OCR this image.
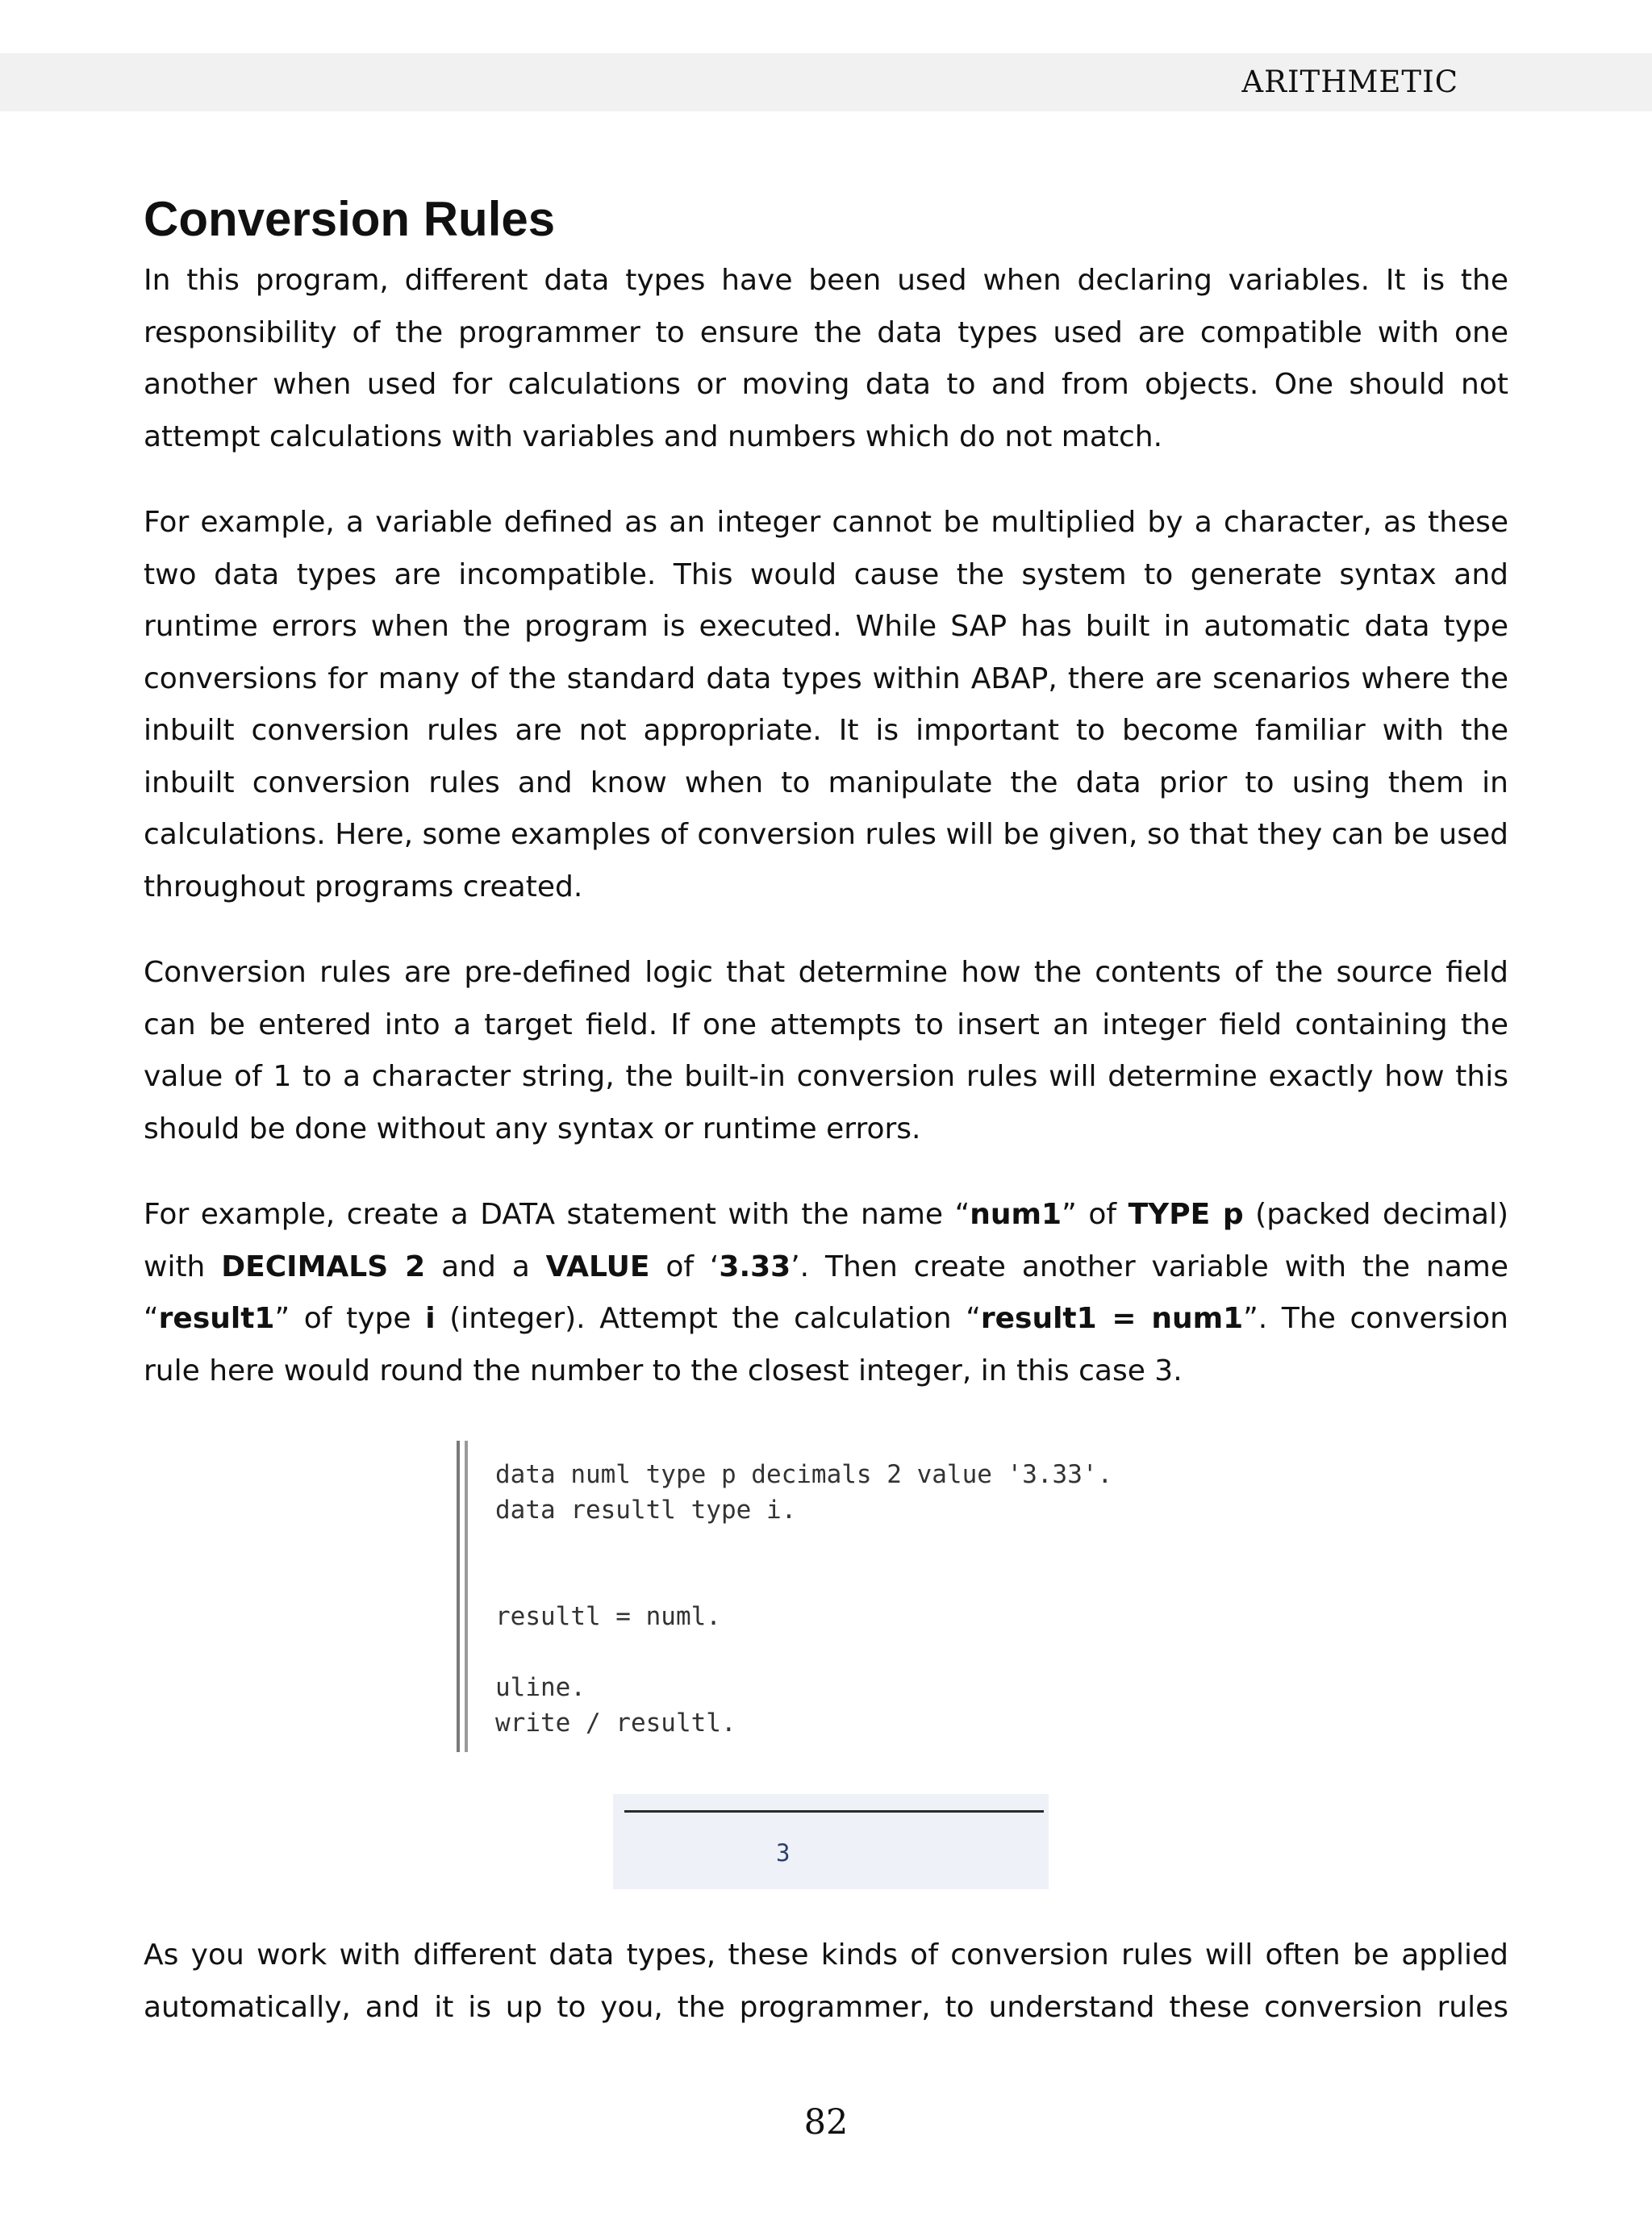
ARITHMETIC
Conversion Rules

In this program, different data types have been used when declaring variables. It is the responsibility of the programmer to ensure the data types used are compatible with one another when used for calculations or moving data to and from objects. One should not attempt calculations with variables and numbers which do not match.

For example, a variable defined as an integer cannot be multiplied by a character, as these two data types are incompatible. This would cause the system to generate syntax and runtime errors when the program is executed. While SAP has built in automatic data type conversions for many of the standard data types within ABAP, there are scenarios where the inbuilt conversion rules are not appropriate. It is important to become familiar with the inbuilt conversion rules and know when to manipulate the data prior to using them in calculations. Here, some examples of conversion rules will be given, so that they can be used throughout programs created.

Conversion rules are pre-defined logic that determine how the contents of the source field can be entered into a target field. If one attempts to insert an integer field containing the value of 1 to a character string, the built-in conversion rules will determine exactly how this should be done without any syntax or runtime errors.

For example, create a DATA statement with the name “num1” of TYPE p (packed decimal) with DECIMALS 2 and a VALUE of ‘3.33’. Then create another variable with the name “result1” of type i (integer). Attempt the calculation “result1 = num1”. The conversion rule here would round the number to the closest integer, in this case 3.

data numl type p decimals 2 value '3.33'.
data resultl type i.

resultl = numl.

uline.
write / resultl.
3

As you work with different data types, these kinds of conversion rules will often be applied automatically, and it is up to you, the programmer, to understand these conversion rules

82
